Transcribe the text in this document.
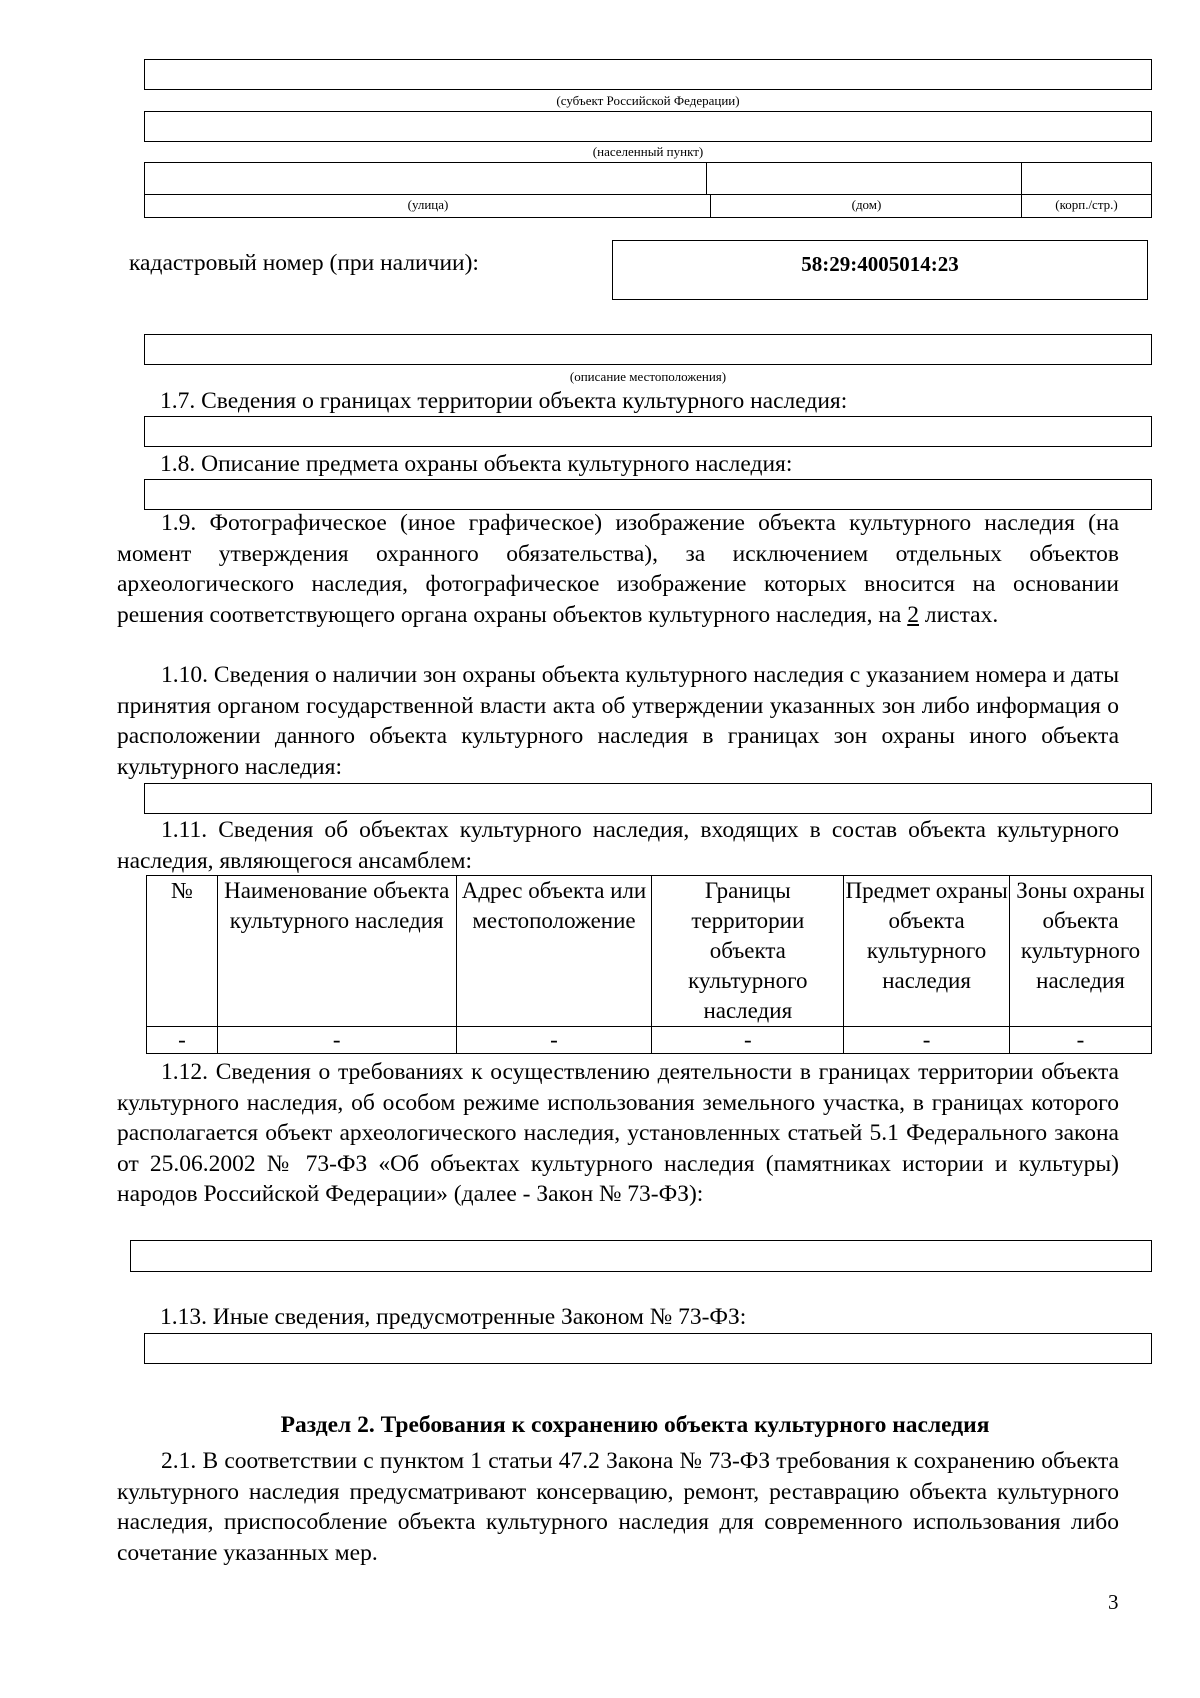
(субъект Российской Федерации)
(населенный пункт)
(улица)	(дом)	(корп./стр.)
кадастровый номер (при наличии):	58:29:4005014:23
(описание местоположения)
1.7. Сведения о границах территории объекта культурного наследия:
1.8. Описание предмета охраны объекта культурного наследия:
1.9. Фотографическое (иное графическое) изображение объекта культурного наследия (на момент утверждения охранного обязательства), за исключением отдельных объектов археологического наследия, фотографическое изображение которых вносится на основании решения соответствующего органа охраны объектов культурного наследия, на 2 листах.
1.10. Сведения о наличии зон охраны объекта культурного наследия с указанием номера и даты принятия органом государственной власти акта об утверждении указанных зон либо информация о расположении данного объекта культурного наследия в границах зон охраны иного объекта культурного наследия:
1.11. Сведения об объектах культурного наследия, входящих в состав объекта культурного наследия, являющегося ансамблем:
№	Наименование объекта культурного наследия	Адрес объекта или местоположение	Границы территории объекта культурного наследия	Предмет охраны объекта культурного наследия	Зоны охраны объекта культурного наследия
-	-	-	-	-	-
1.12. Сведения о требованиях к осуществлению деятельности в границах территории объекта культурного наследия, об особом режиме использования земельного участка, в границах которого располагается объект археологического наследия, установленных статьей 5.1 Федерального закона от 25.06.2002 № 73-ФЗ «Об объектах культурного наследия (памятниках истории и культуры) народов Российской Федерации» (далее - Закон № 73-ФЗ):
1.13. Иные сведения, предусмотренные Законом № 73-ФЗ:
Раздел 2. Требования к сохранению объекта культурного наследия
2.1. В соответствии с пунктом 1 статьи 47.2 Закона № 73-ФЗ требования к сохранению объекта культурного наследия предусматривают консервацию, ремонт, реставрацию объекта культурного наследия, приспособление объекта культурного наследия для современного использования либо сочетание указанных мер.
3
